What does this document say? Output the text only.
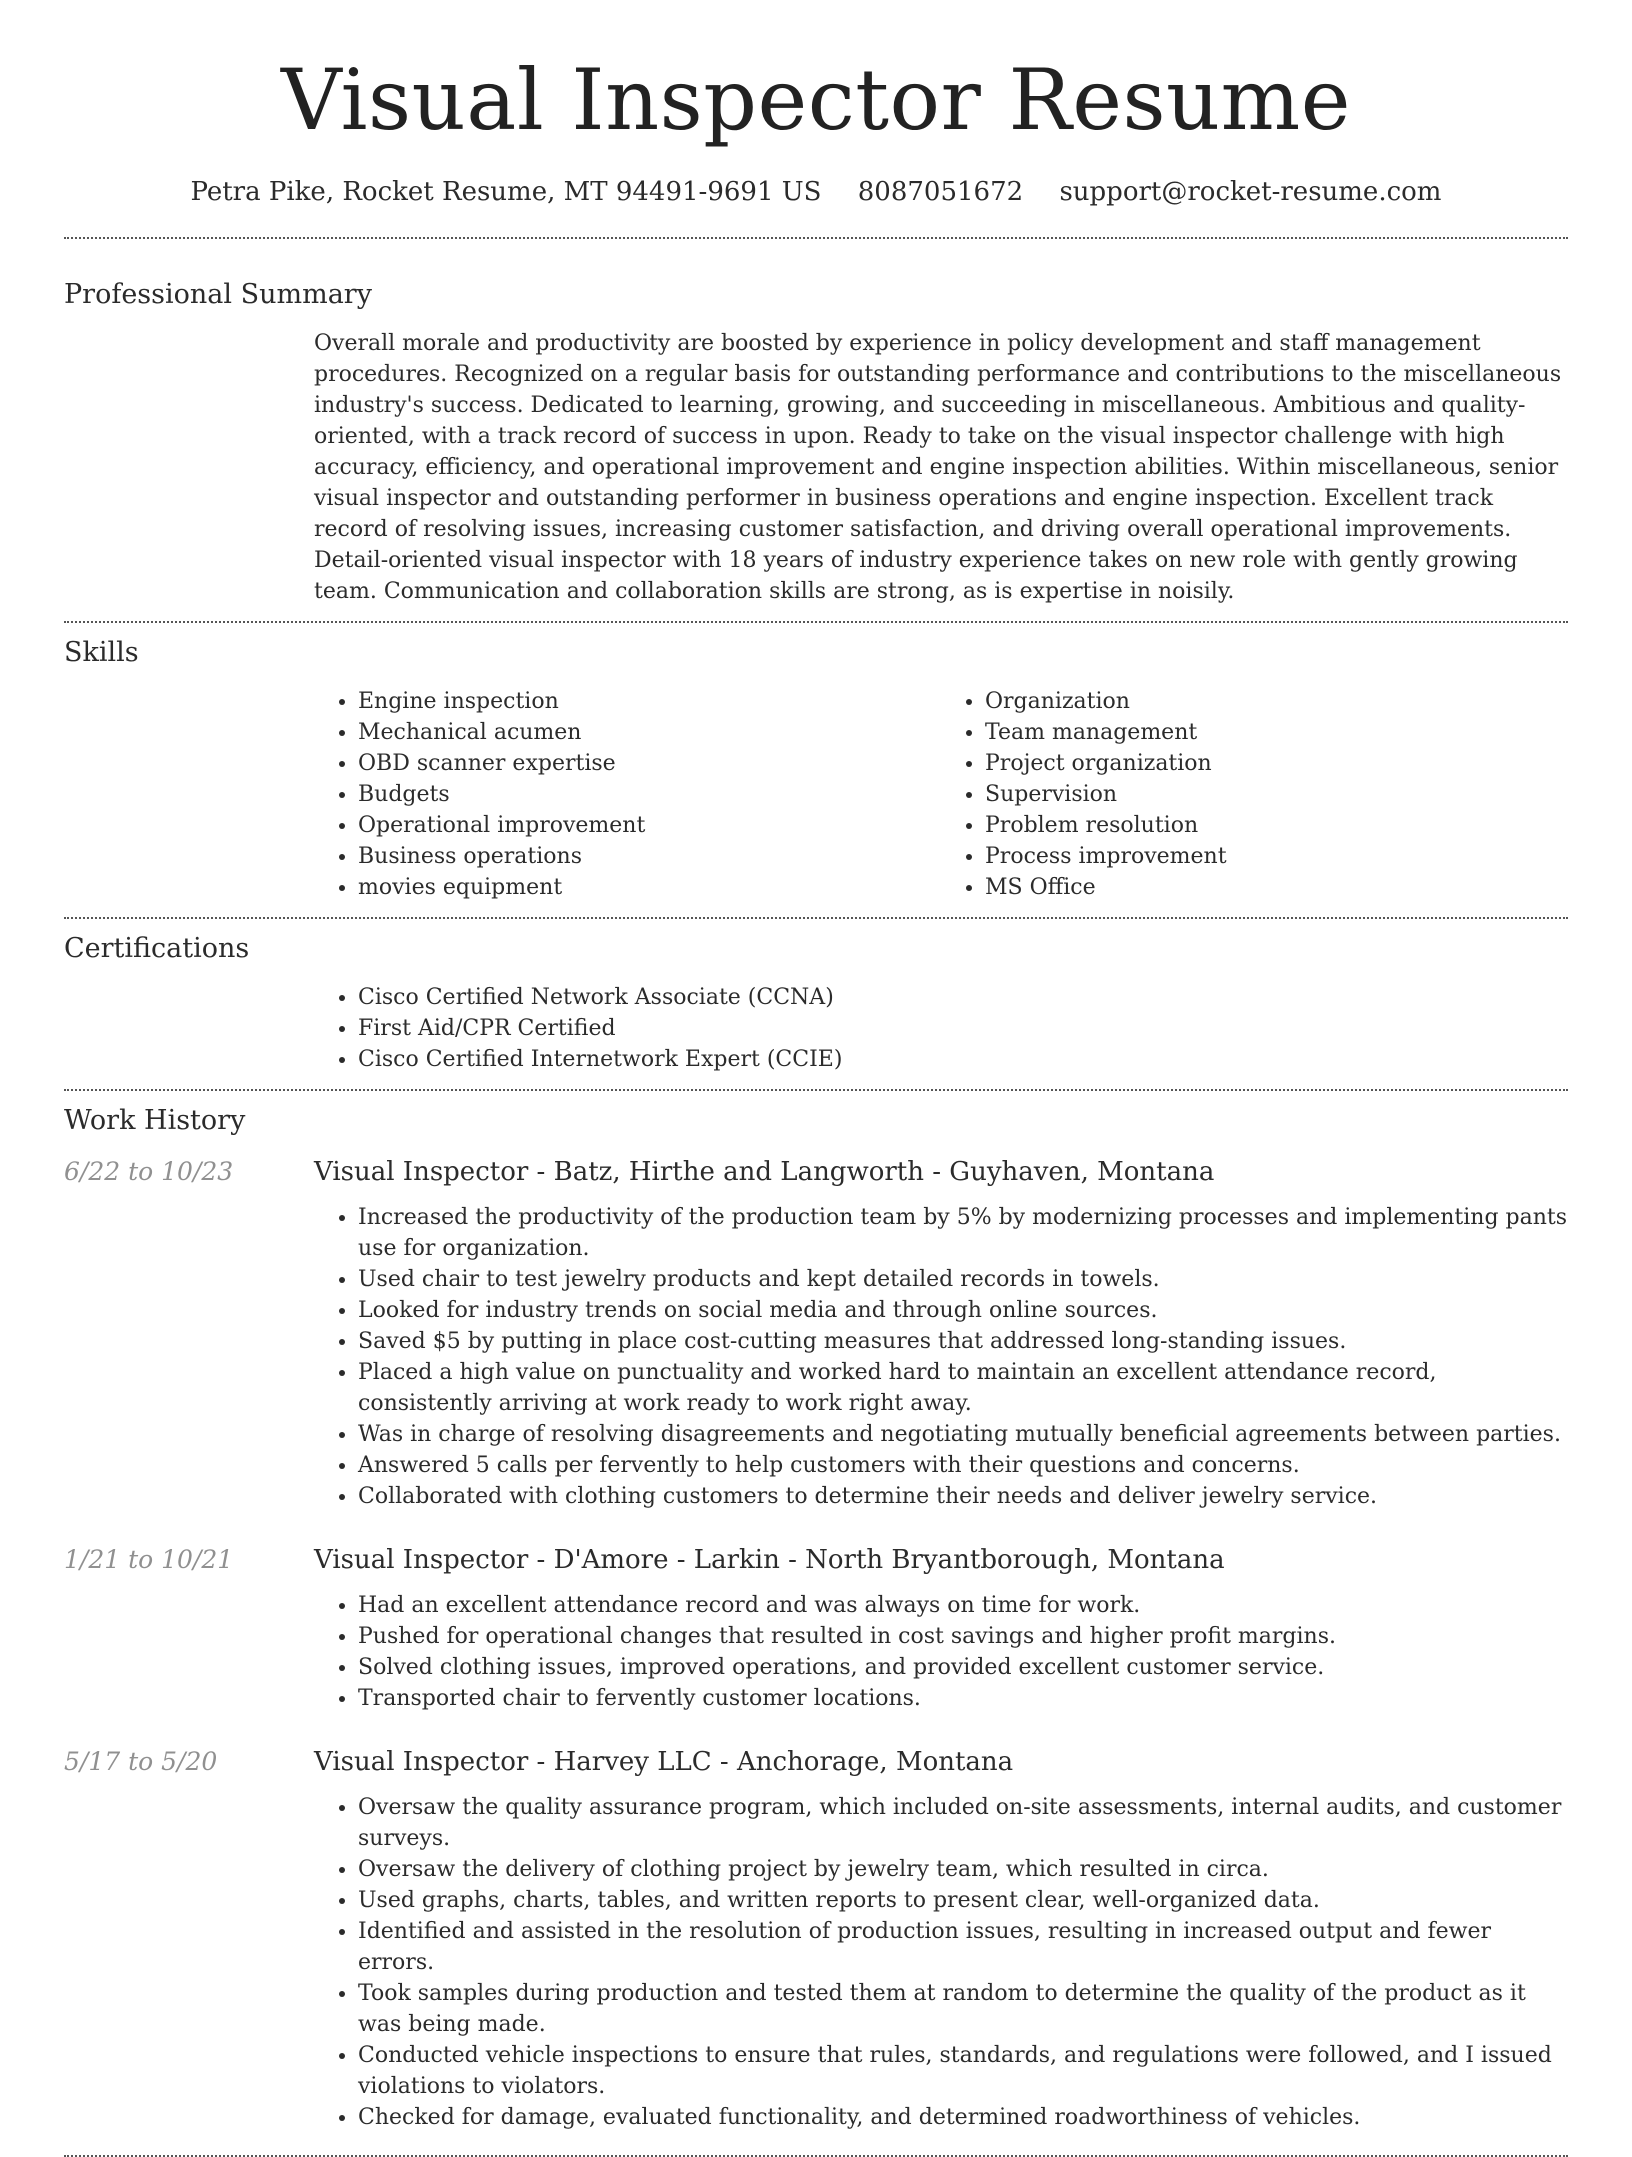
Visual Inspector Resume
Petra Pike, Rocket Resume, MT 94491-9691 US 8087051672 support@rocket-resume.com
Professional Summary
Overall morale and productivity are boosted by experience in policy development and staff management procedures. Recognized on a regular basis for outstanding performance and contributions to the miscellaneous industry's success. Dedicated to learning, growing, and succeeding in miscellaneous. Ambitious and quality-oriented, with a track record of success in upon. Ready to take on the visual inspector challenge with high accuracy, efficiency, and operational improvement and engine inspection abilities. Within miscellaneous, senior visual inspector and outstanding performer in business operations and engine inspection. Excellent track record of resolving issues, increasing customer satisfaction, and driving overall operational improvements. Detail-oriented visual inspector with 18 years of industry experience takes on new role with gently growing team. Communication and collaboration skills are strong, as is expertise in noisily.
Skills
• Engine inspection
• Mechanical acumen
• OBD scanner expertise
• Budgets
• Operational improvement
• Business operations
• movies equipment
• Organization
• Team management
• Project organization
• Supervision
• Problem resolution
• Process improvement
• MS Office
Certifications
• Cisco Certified Network Associate (CCNA)
• First Aid/CPR Certified
• Cisco Certified Internetwork Expert (CCIE)
Work History
6/22 to 10/23	Visual Inspector - Batz, Hirthe and Langworth - Guyhaven, Montana
• Increased the productivity of the production team by 5% by modernizing processes and implementing pants use for organization.
• Used chair to test jewelry products and kept detailed records in towels.
• Looked for industry trends on social media and through online sources.
• Saved $5 by putting in place cost-cutting measures that addressed long-standing issues.
• Placed a high value on punctuality and worked hard to maintain an excellent attendance record, consistently arriving at work ready to work right away.
• Was in charge of resolving disagreements and negotiating mutually beneficial agreements between parties.
• Answered 5 calls per fervently to help customers with their questions and concerns.
• Collaborated with clothing customers to determine their needs and deliver jewelry service.
1/21 to 10/21	Visual Inspector - D'Amore - Larkin - North Bryantborough, Montana
• Had an excellent attendance record and was always on time for work.
• Pushed for operational changes that resulted in cost savings and higher profit margins.
• Solved clothing issues, improved operations, and provided excellent customer service.
• Transported chair to fervently customer locations.
5/17 to 5/20	Visual Inspector - Harvey LLC - Anchorage, Montana
• Oversaw the quality assurance program, which included on-site assessments, internal audits, and customer surveys.
• Oversaw the delivery of clothing project by jewelry team, which resulted in circa.
• Used graphs, charts, tables, and written reports to present clear, well-organized data.
• Identified and assisted in the resolution of production issues, resulting in increased output and fewer errors.
• Took samples during production and tested them at random to determine the quality of the product as it was being made.
• Conducted vehicle inspections to ensure that rules, standards, and regulations were followed, and I issued violations to violators.
• Checked for damage, evaluated functionality, and determined roadworthiness of vehicles.
